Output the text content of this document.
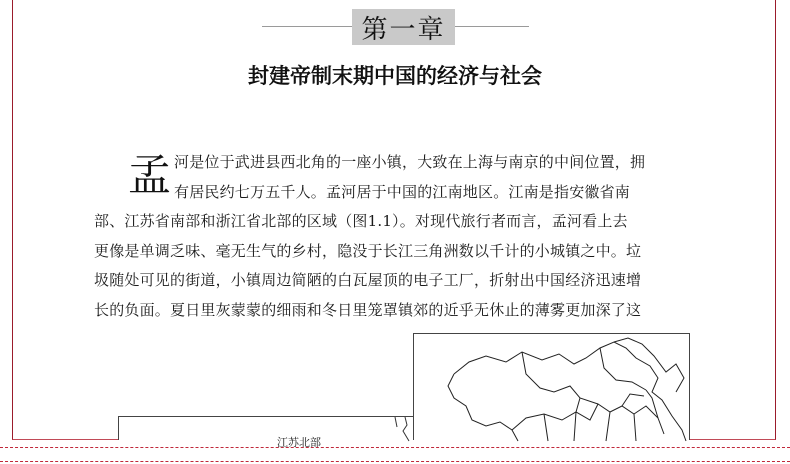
第一章
封建帝制末期中国的经济与社会
孟 河是位于武进县西北角的一座小镇，大致在上海与南京的中间位置，拥
有居民约七万五千人。孟河居于中国的江南地区。江南是指安徽省南
部、江苏省南部和浙江省北部的区域（图1.1）。对现代旅行者而言，孟河看上去
更像是单调乏味、毫无生气的乡村，隐没于长江三角洲数以千计的小城镇之中。垃
圾随处可见的街道，小镇周边简陋的白瓦屋顶的电子工厂，折射出中国经济迅速增
长的负面。夏日里灰蒙蒙的细雨和冬日里笼罩镇郊的近乎无休止的薄雾更加深了这
江苏北部
